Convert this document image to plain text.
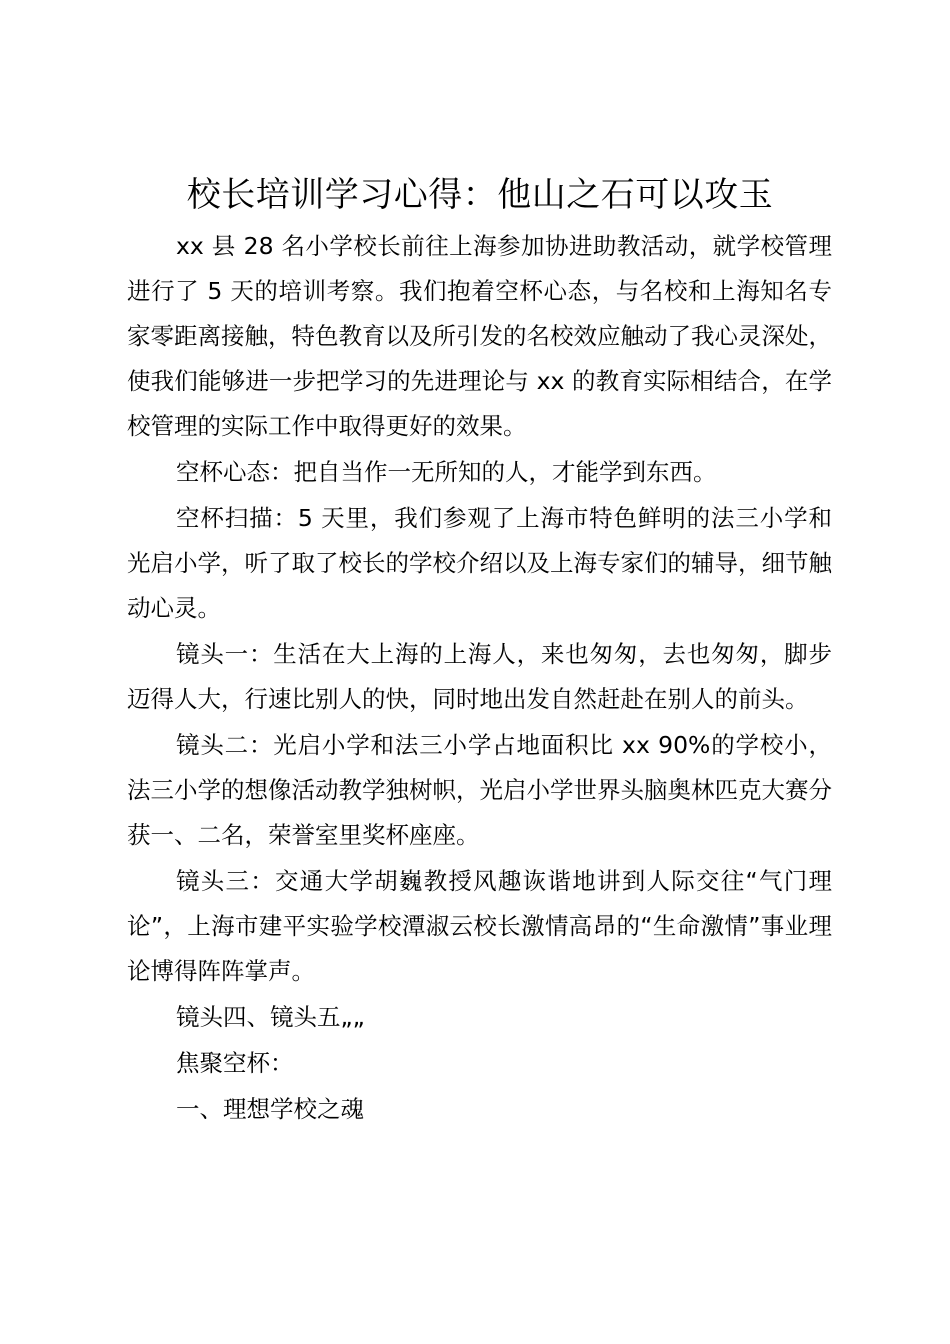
校长培训学习心得：他山之石可以攻玉

xx 县 28 名小学校长前往上海参加协进助教活动，就学校管理进行了 5 天的培训考察。我们抱着空杯心态，与名校和上海知名专家零距离接触，特色教育以及所引发的名校效应触动了我心灵深处，使我们能够进一步把学习的先进理论与 xx 的教育实际相结合，在学校管理的实际工作中取得更好的效果。

空杯心态：把自当作一无所知的人，才能学到东西。

空杯扫描：5 天里，我们参观了上海市特色鲜明的法三小学和光启小学，听了取了校长的学校介绍以及上海专家们的辅导，细节触动心灵。

镜头一：生活在大上海的上海人，来也匆匆，去也匆匆，脚步迈得人大，行速比别人的快，同时地出发自然赶赴在别人的前头。

镜头二：光启小学和法三小学占地面积比 xx 90%的学校小，法三小学的想像活动教学独树帜，光启小学世界头脑奥林匹克大赛分获一、二名，荣誉室里奖杯座座。

镜头三：交通大学胡巍教授风趣诙谐地讲到人际交往“气门理论”，上海市建平实验学校潭淑云校长激情高昂的“生命激情”事业理论博得阵阵掌声。

镜头四、镜头五„„

焦聚空杯：

一、理想学校之魂
